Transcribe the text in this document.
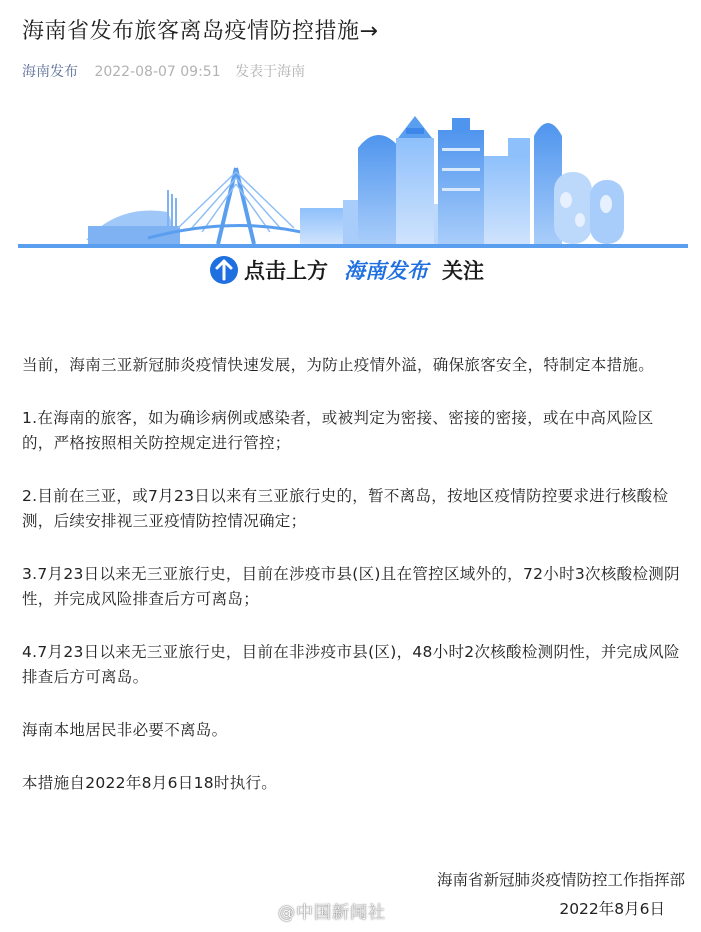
海南省发布旅客离岛疫情防控措施→
海南发布 2022-08-07 09:51 发表于海南
点击上方 海南发布 关注

当前，海南三亚新冠肺炎疫情快速发展，为防止疫情外溢，确保旅客安全，特制定本措施。

1.在海南的旅客，如为确诊病例或感染者，或被判定为密接、密接的密接，或在中高风险区的，严格按照相关防控规定进行管控；

2.目前在三亚，或7月23日以来有三亚旅行史的，暂不离岛，按地区疫情防控要求进行核酸检测，后续安排视三亚疫情防控情况确定；

3.7月23日以来无三亚旅行史，目前在涉疫市县(区)且在管控区域外的，72小时3次核酸检测阴性，并完成风险排查后方可离岛；

4.7月23日以来无三亚旅行史，目前在非涉疫市县(区)，48小时2次核酸检测阴性，并完成风险排查后方可离岛。

海南本地居民非必要不离岛。

本措施自2022年8月6日18时执行。

海南省新冠肺炎疫情防控工作指挥部
2022年8月6日
@中国新闻社
